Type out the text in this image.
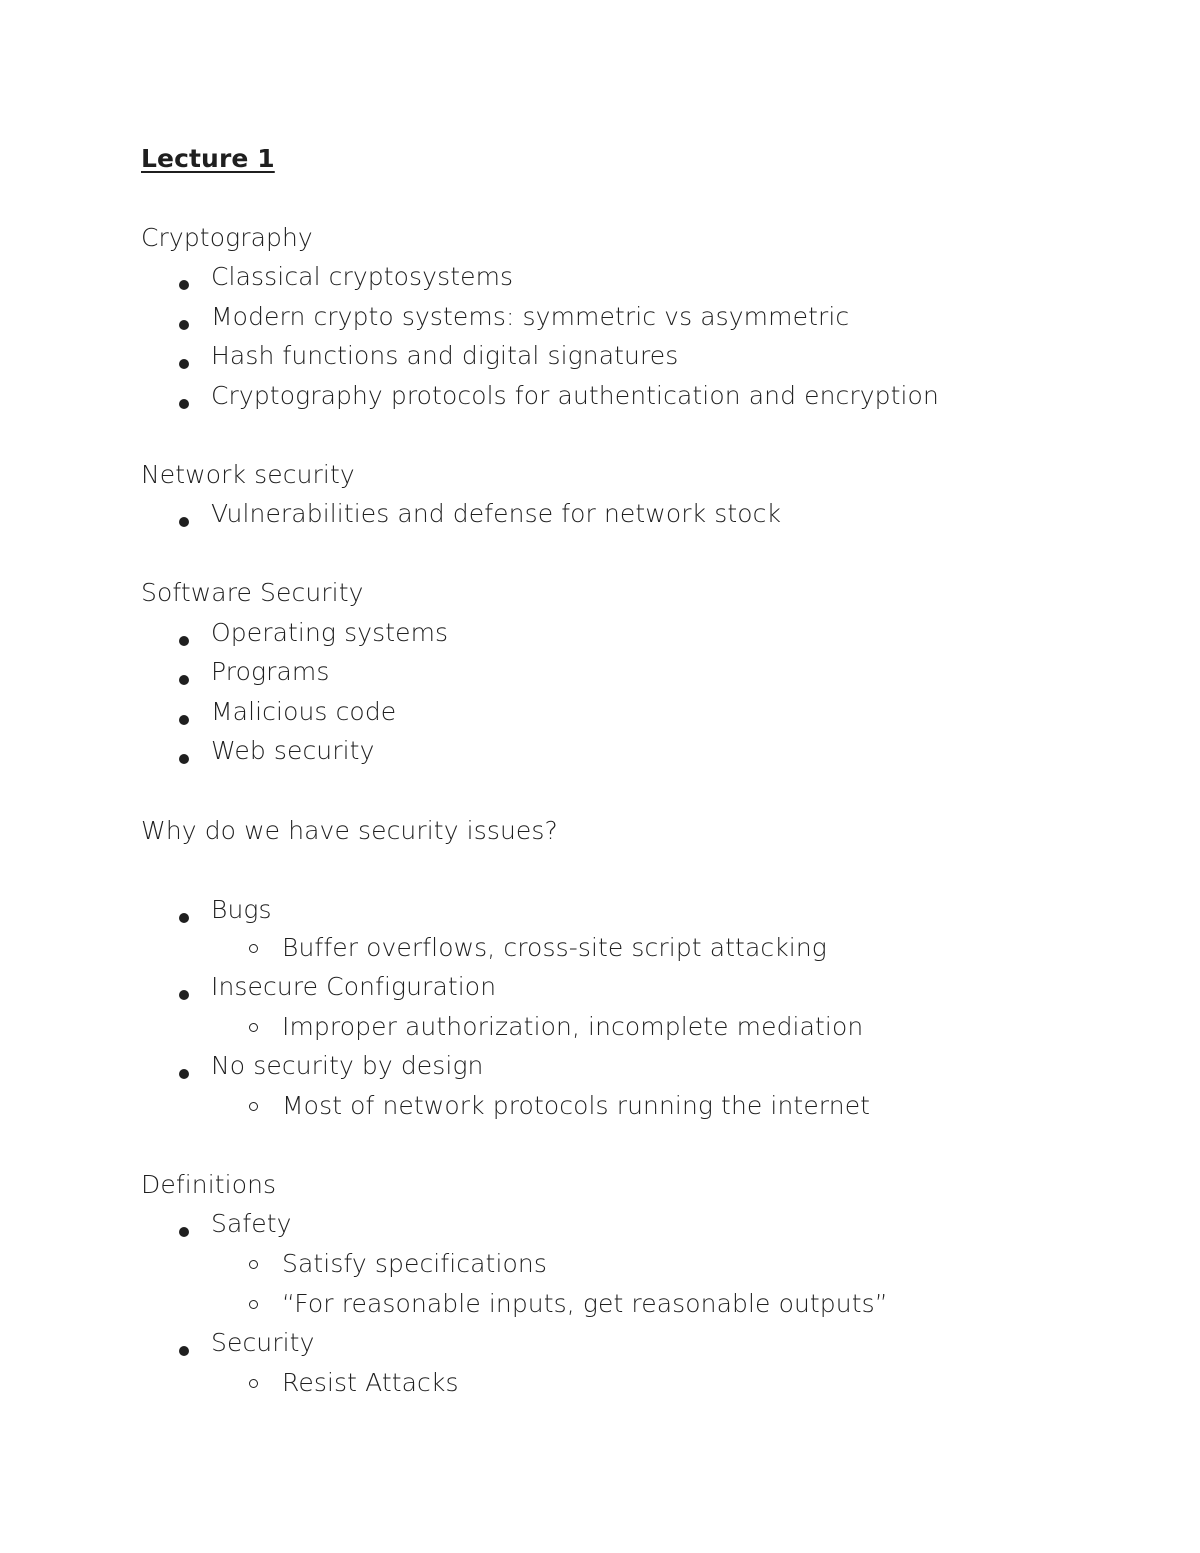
Lecture 1
Cryptography
Classical cryptosystems
Modern crypto systems: symmetric vs asymmetric
Hash functions and digital signatures
Cryptography protocols for authentication and encryption
Network security
Vulnerabilities and defense for network stock
Software Security
Operating systems
Programs
Malicious code
Web security
Why do we have security issues?
Bugs
Buffer overflows, cross-site script attacking
Insecure Configuration
Improper authorization, incomplete mediation
No security by design
Most of network protocols running the internet
Definitions
Safety
Satisfy specifications
“For reasonable inputs, get reasonable outputs”
Security
Resist Attacks
